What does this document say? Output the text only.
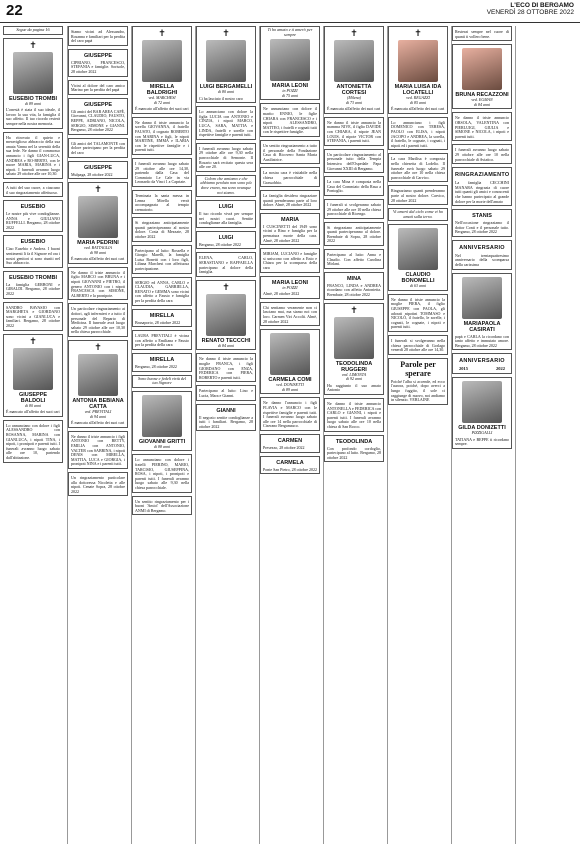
22	L'ECO DI BERGAMO
VENERDÌ 28 OTTOBRE 2022
Segue da pagina 16
✝
EUSEBIO TROMBI
di 89 anni
L'onestà è stata il suo ideale, il lavoro la sua vita, la famiglia il suo affetto. Il tuo ricordo resterà sempre nella nostra memoria.
Ha ritrovato il quieto e meraviglioso abbraccio della sua amata Vanna nel la serenità della sua fede. Ne danno il commosso annuncio i figli GIAN-LUCA, ANDREA e RO-BERTO, con le nuore MARIA, MARINA e i nipoti. I funerali avranno luogo sabato 29 ottobre alle ore 10,30.
A tutti del suo cuore, a ciascuno il suo ringraziamento affettuoso.
EUSEBIO
Le nostre più vive condoglianze. ANNA e GIULIANO RUFFELLI. Bergamo, 28 ottobre 2022
EUSEBIO
Ciao Eusebio e Andrea. I buoni sentimenti li fa il Signore ed ora i nostri genitori si sono riuniti nel Suo abbraccio.
EUSEBIO TROMBI
La famiglia GERBONI e GIRALDI. Bergamo, 28 ottobre 2022
SANDRO BAVASIO con MARGHETA e GIORDANO sono vicini a GIANLUCA e familiari. Bergamo, 28 ottobre 2022
✝
GIUSEPPE BALDOLI
di 80 anni
È mancato all'affetto dei suoi cari
Lo annunciano con dolore i figli ALESSANDRO con ROSANNA, MARINA con GIANLUCA, i nipoti TINA, i nipoti, i pronipoti e parenti tutti. I funerali avranno luogo sabato alle ore 10, partendo dall'abitazione.
Siamo vicini ad Alessandro, Rosanna e familiari per la perdita del caro papà
GIUSEPPE
CIPRIANO, FRANCESCO, STEFANIA e famiglie. Sorisole, 28 ottobre 2022
Vicini al dolore del caro amico Marino per la perdita del papà
GIUSEPPE
Gli amici del BAR AREA CAFÈ, Giovanni, CLAUDIO, FAUSTO, BEPPE, ADRIANO, NICOLA, SERGIO, SIMONE e GIANNI. Bergamo, 28 ottobre 2022
Gli amici del TALAMONTE con dolore partecipano per la perdita del caro
GIUSEPPE
Mulpaga, 28 ottobre 2022
✝
MARIA PEDRINI
ved. BATTAGLIA
di 98 anni
È mancata all'affetto dei suoi cari
Ne danno il triste annuncio il figlio MARCO con BRUNA e i nipoti GIOVANNI e PIETRO, il genero ANTONIO con i nipoti FRANCESCA con SIMONE, ALBERTO e la pronipote.
Un particolare ringraziamento ai dottori, agli infermieri e a tutto il personale del Reparto di Medicina. Il funerale avrà luogo sabato 29 ottobre alle ore 10,30 nella chiesa parrocchiale.
✝
ANTONIA BEBIANA CATTA
ved. PREVITALI
di 94 anni
È mancata all'affetto dei suoi cari
Ne danno il triste annuncio i figli ANTONIO con BETTY, EMILIA con ANTONIO, VALTER con SABRINA, i nipoti DENIS con MIRELLA, MATTIA, LUCA e GIORGIA, i pronipoti NINA e i parenti tutti.
Un ringraziamento particolare alla dottoressa Nicoletta e alle nipoti. Cenate Sopra, 28 ottobre 2022
✝
MIRELLA BALDRIGHI
ved. MARCHESI
di 72 anni
È mancato all'affetto dei suoi cari
Ne danno il triste annuncio la sorella GIOVANNA, il fratello FAUSTO, il cognato ROBERTO con MARINA e figli, le nipoti MARTINE, EMMA e ILARIA con le rispettive famiglie e i parenti tutti.
I funerali avranno luogo sabato 29 ottobre alle ore 14,30, partendo dalla Casa del Commiato Le Cale in via Leonardo da Vinci 1 a Capriate.
Terminata la santa messa in Lenna Mirella verrà accompagnata al tempio crematorio.
Si ringraziano anticipatamente quanti parteciperanno al nostro dolore. Costa di Mezzate, 28 ottobre 2022
Partecipano al lutto: Rossella e Giorgio Marelli, la famiglia Luisa Bonetti con i loro figli, Liliana Marchesi con affettuosa partecipazione.
SERGIO ed ANNA, CARLO e CLAUDIA, GABRIELLA, RENATO e GEMMA sono vicini con affetto a Fausto e famiglia per la perdita della cara
MIRELLA
Brusaporto, 28 ottobre 2022
LAURA PREVITALI è vicina con affetto a Emiliana e Fausto per la perdita della cara
MIRELLA
Bergamo, 28 ottobre 2022
Sono buone e fedeli virtù del tuo Signore
GIOVANNI GRITTI
di 88 anni
Lo annunciano con dolore i fratelli PIERINO, MARIO, TARCISIO, GIUSEPPINA, ROSA, i nipoti, i pronipoti e parenti tutti. I funerali avranno luogo sabato alle 9,30 nella chiesa parrocchiale.
Un sentito ringraziamento per i buoni 'Amici' dell'Associazione ANMI di Bergamo.
✝
LUIGI BERGAMELLI
di 80 anni
Ci ha lasciato il nostro caro
Lo annunciano con dolore la figlia LUCIA con ANTONIO e CINZIA, i nipoti MARCO, LUCA, SARA, MATTIA e LINDA, fratelli e sorelle con rispettive famiglie e parenti tutti.
I funerali avranno luogo sabato 29 ottobre alle ore 9,30 nella parrocchiale di Semonte. Il Rosario sarà recitato questa sera alle ore 20.
Coloro che amiamo e che abbiamo perduto non sono più dove erano, ma sono ovunque noi siamo.
LUIGI
Il tuo ricordo vivrà per sempre nei nostri cuori. Sentite condoglianze alla famiglia.
LUIGI
Bergamo, 28 ottobre 2022
ELENA, CARLO, SEBASTIANO e RAFFAELLA partecipano al dolore della famiglia.
✝
RENATO TECCCHI
di 84 anni
Ne danno il triste annuncio la moglie FRANCA, i figli GIORDANO con ENZA, FEDERICA con PIERA, ROBERTO e parenti tutti.
Partecipano al lutto: Lino e Lucia, Mara e Gianni.
GIANNI
Il negozio sentite condoglianze a tutti i familiari. Bergamo, 28 ottobre 2022
Ti ho amato e ti amerò per sempre
MARIA LEONI
in POZZI
di 75 anni
Ne annunciano con dolore il marito ENNIO, le figlie CHIARA con FRANCESCO e i nipoti ALESSANDRO, MATTEO, i fratelli e cognati tutti con le rispettive famiglie.
Un sentito ringraziamento a tutto il personale della Fondazione Casa di Ricovero Santa Maria Ausiliatrice.
La nostra cara è visitabile nella chiesa parrocchiale di Grassobbio.
La famiglia desidera ringraziare quanti prenderanno parte al loro dolore. Almè, 28 ottobre 2022
MARIA
I CUSCINETTI del 1949 sono vicini a Rino e famiglia per la prematura morte della cara. Almè, 28 ottobre 2022
MIRIAM, LUCIANO e famiglie si uniscono con affetto a Enio e Chiara per la scomparsa della cara
MARIA LEONI
in POZZI
Almè, 28 ottobre 2022
Chi sentiamo veramente non ci lasciano mai, ma siamo noi con loro. Carmen Viri Accolti. Almè, 28 ottobre 2022
CARMELA COMI
ved. DONISETTI
di 89 anni
Ne danno l'annuncio i figli FLAVIA e MARCO con le rispettive famiglie e parenti tutti. I funerali avranno luogo sabato alle ore 14 nella parrocchiale di Ciserano Bergamasco.
CARMEN
Presezzo, 28 ottobre 2022
CARMELA
Ponte San Pietro, 28 ottobre 2022
✝
ANTONIETTA CORTESI
(Milena)
di 73 anni
È mancata all'affetto dei suoi cari
Ne danno il triste annuncio la mamma NIVE, il figlio DAVIDE con CHIARA, il nipote JEAN LOUIS, il nipote VICTOR con STEFANIA, i parenti tutti.
Un particolare ringraziamento al personale tutto della Tempia Intensiva dell'Ospedale Papa Giovanni XXIII di Bergamo.
La cara Mina è composta nella Casa del Commiato della Rasa a Pontoglio.
I funerali si svolgeranno sabato 29 ottobre alle ore 10 nella chiesa parrocchiale di Ricengo.
Si ringraziano anticipatamente quanti parteciperanno al dolore. Brembate di Sopra, 28 ottobre 2022
Partecipano al lutto: Anna e Claudio. Con affetto Carolina Mirlani.
MINA
FRANCO, LINDA e ANDREA ricordano con affetto Antonietta. Brembate, 28 ottobre 2022
✝
TEODOLINDA RUGGERI
ved. LIMONTA
di 92 anni
Ha raggiunto il suo amato Antonio
Ne danno il triste annuncio ANTONELLA e FEDERICA con CARLO e GIANNI, i nipoti e parenti tutti. I funerali avranno luogo sabato alle ore 10 nella chiesa di San Rocco.
TEODOLINDA
Con profondo cordoglio, partecipano al lutto. Bergamo, 28 ottobre 2022
✝
MARIA LUISA IDA LOCATELLI
ved. REGAZZI
di 85 anni
È mancata all'affetto dei suoi cari
Lo annunciano i figli DOMENICO con TERESA, PAOLO con ELISA, i nipoti JACOPO e ANDREA, la sorella, il fratello, le cognate, i cognati, i nipoti ed i parenti tutti.
La cara Marilisa è composta nella chiesetta di Lodelio. Il funerale avrà luogo sabato 29 ottobre alle ore 10 nella chiesa parrocchiale di Carvico.
Ringraziamo quanti prenderanno parte al nostro dolore. Carvico, 28 ottobre 2022
Vi amerò dal cielo come vi ho amati sulla terra.
CLAUDIO BONOMELLI
di 63 anni
Ne danno il triste annuncio la moglie PIERA, il figlio GIUSEPPE con PAOLA, gli adorati nipotini TOMMASO e NICOLÒ, il fratello, le sorelle, i cognati, le cognate, i nipoti e parenti tutti.
I funerali si svolgeranno nella chiesa parrocchiale di Gorlago venerdì 28 ottobre alle ore 14,30.
Parole per sperare
Poiché l'alba si accende, ed ecco l'aurora, poiché, dopo averci a lungo fuggito, il sole ci raggiunge di nuovo, noi andiamo in silenzio. VERLAINE
Resterai sempre nel cuore di quanti ti vollero bene.
BRUNA RECAZZONI
ved. EGMAN
di 84 anni
Ne danno il triste annuncio ORSOLA, VALENTINA con PIERLUIGI, GIULIA e SIMONE e NICOLA, i nipoti e parenti tutti.
I funerali avranno luogo sabato 29 ottobre alle ore 10 nella parrocchiale di Aviatico.
RINGRAZIAMENTO
La famiglia CECCHINI MANARA ringrazia di cuore tutti quanti gli amici e conoscenti che hanno partecipato al grande dolore per la morte dell'amato
STANIS
Nell'occasione ringraziamo il dottor Conti e il personale tutto. Bergamo, 28 ottobre 2022
ANNIVERSARIO
Nel trentaquattresimo anniversario della scomparsa della carissima
MARIAPAOLA CASIRATI
papà e CARLA la ricordano con tanto affetto e immutato amore. Bergamo, 28 ottobre 2022
ANNIVERSARIO
2015	2022
GILDA DONIZETTI
PIZZIGALLI
TATIANA e BEPPE ti ricordano sempre.
